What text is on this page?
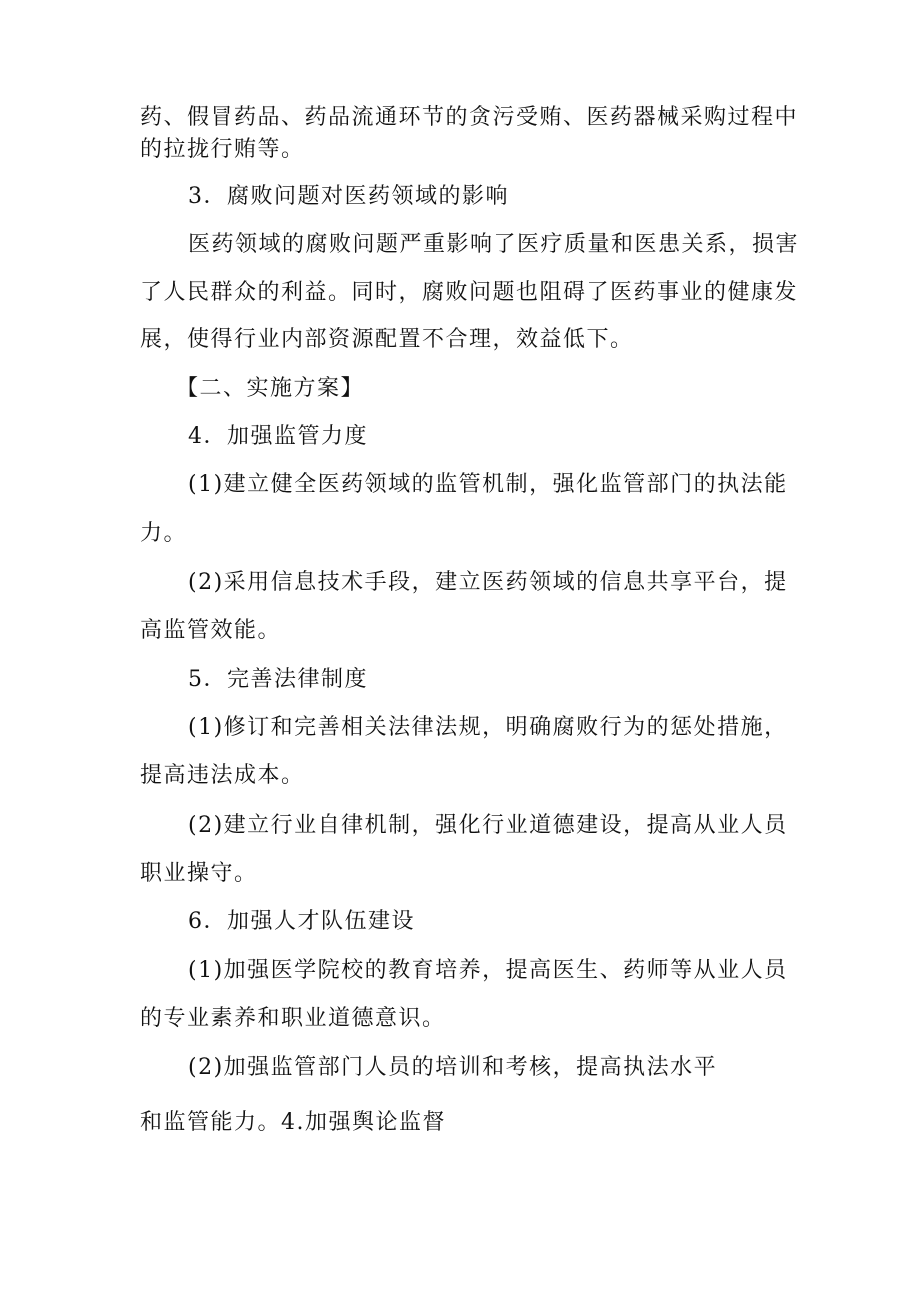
药、假冒药品、药品流通环节的贪污受贿、医药器械采购过程中
的拉拢行贿等。
3．腐败问题对医药领域的影响
医药领域的腐败问题严重影响了医疗质量和医患关系，损害
了人民群众的利益。同时，腐败问题也阻碍了医药事业的健康发
展，使得行业内部资源配置不合理，效益低下。
【二、实施方案】
4．加强监管力度
(1)建立健全医药领域的监管机制，强化监管部门的执法能
力。
(2)采用信息技术手段，建立医药领域的信息共享平台，提
高监管效能。
5．完善法律制度
(1)修订和完善相关法律法规，明确腐败行为的惩处措施，
提高违法成本。
(2)建立行业自律机制，强化行业道德建设，提高从业人员
职业操守。
6．加强人才队伍建设
(1)加强医学院校的教育培养，提高医生、药师等从业人员
的专业素养和职业道德意识。
(2)加强监管部门人员的培训和考核，提高执法水平
和监管能力。4.加强舆论监督
